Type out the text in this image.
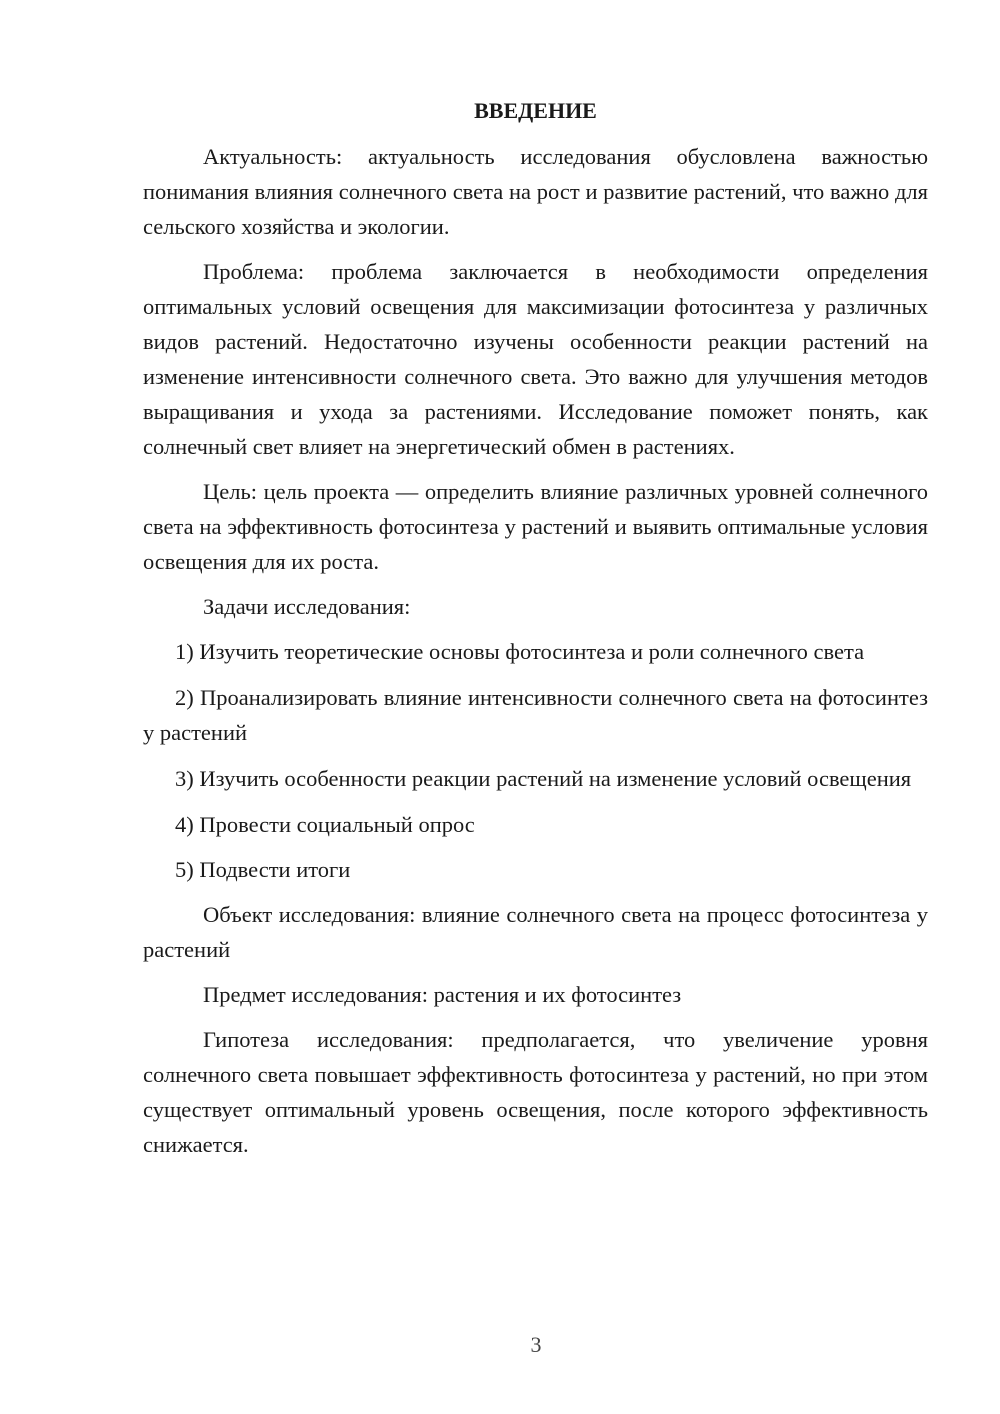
ВВЕДЕНИЕ

Актуальность: актуальность исследования обусловлена важностью понимания влияния солнечного света на рост и развитие растений, что важно для сельского хозяйства и экологии.

Проблема: проблема заключается в необходимости определения оптимальных условий освещения для максимизации фотосинтеза у различных видов растений. Недостаточно изучены особенности реакции растений на изменение интенсивности солнечного света. Это важно для улучшения методов выращивания и ухода за растениями. Исследование поможет понять, как солнечный свет влияет на энергетический обмен в растениях.

Цель: цель проекта — определить влияние различных уровней солнечного света на эффективность фотосинтеза у растений и выявить оптимальные условия освещения для их роста.

Задачи исследования:

1) Изучить теоретические основы фотосинтеза и роли солнечного света

2) Проанализировать влияние интенсивности солнечного света на фотосинтез у растений

3) Изучить особенности реакции растений на изменение условий освещения

4) Провести социальный опрос

5) Подвести итоги

Объект исследования: влияние солнечного света на процесс фотосинтеза у растений

Предмет исследования: растения и их фотосинтез

Гипотеза исследования: предполагается, что увеличение уровня солнечного света повышает эффективность фотосинтеза у растений, но при этом существует оптимальный уровень освещения, после которого эффективность снижается.

3
